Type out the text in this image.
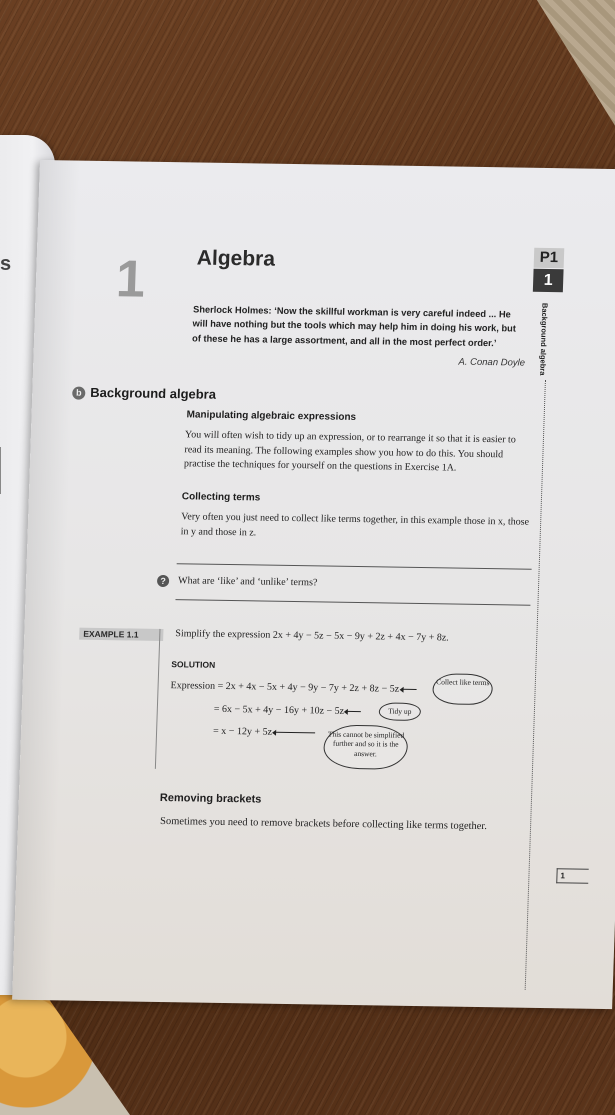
s 1 Algebra
Sherlock Holmes: ‘Now the skillful workman is very careful indeed ... He will have nothing but the tools which may help him in doing his work, but of these he has a large assortment, and all in the most perfect order.’
A. Conan Doyle
P1
1
Background algebra
b Background algebra
Manipulating algebraic expressions
You will often wish to tidy up an expression, or to rearrange it so that it is easier to read its meaning. The following examples show you how to do this. You should practise the techniques for yourself on the questions in Exercise 1A.
Collecting terms
Very often you just need to collect like terms together, in this example those in x, those in y and those in z.
?	What are ‘like’ and ‘unlike’ terms?
EXAMPLE 1.1	Simplify the expression 2x + 4y − 5z − 5x − 9y + 2z + 4x − 7y + 8z.
SOLUTION
Expression = 2x + 4x − 5x + 4y − 9y − 7y + 2z + 8z − 5z
= 6x − 5x + 4y − 16y + 10z − 5z
= x − 12y + 5z
Collect like terms
Tidy up
This cannot be simplified further and so it is the answer.
Removing brackets
Sometimes you need to remove brackets before collecting like terms together.
1
